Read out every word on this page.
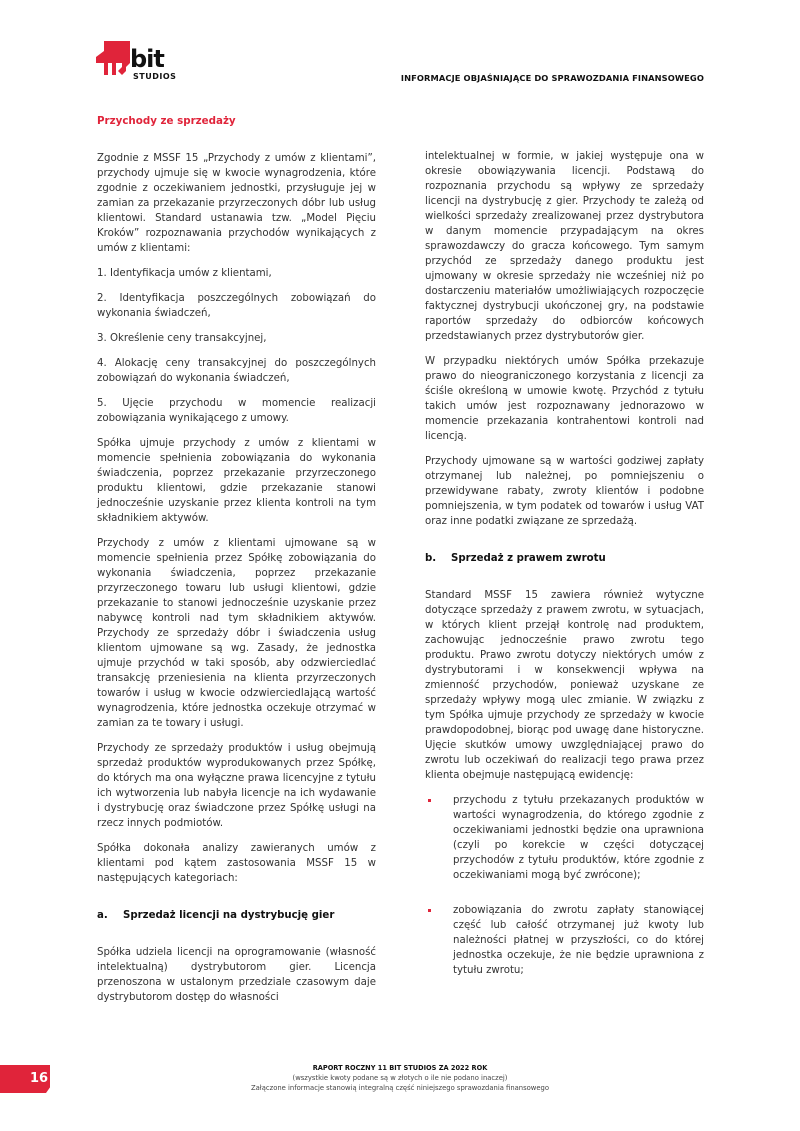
bit
STUDIOS	INFORMACJE OBJAŚNIAJĄCE DO SPRAWOZDANIA FINANSOWEGO
Przychody ze sprzedaży

Zgodnie z MSSF 15 „Przychody z umów z klientami”, przychody ujmuje się w kwocie wynagrodzenia, które zgodnie z oczekiwaniem jednostki, przysługuje jej w zamian za przekazanie przyrzeczonych dóbr lub usług klientowi. Standard ustanawia tzw. „Model Pięciu Kroków” rozpoznawania przychodów wynikających z umów z klientami:

1. Identyfikacja umów z klientami,

2. Identyfikacja poszczególnych zobowiązań do wykonania świadczeń,

3. Określenie ceny transakcyjnej,

4. Alokację ceny transakcyjnej do poszczególnych zobowiązań do wykonania świadczeń,

5. Ujęcie przychodu w momencie realizacji zobowiązania wynikającego z umowy.

Spółka ujmuje przychody z umów z klientami w momencie spełnienia zobowiązania do wykonania świadczenia, poprzez przekazanie przyrzeczonego produktu klientowi, gdzie przekazanie stanowi jednocześnie uzyskanie przez klienta kontroli na tym składnikiem aktywów.

Przychody z umów z klientami ujmowane są w momencie spełnienia przez Spółkę zobowiązania do wykonania świadczenia, poprzez przekazanie przyrzeczonego towaru lub usługi klientowi, gdzie przekazanie to stanowi jednocześnie uzyskanie przez nabywcę kontroli nad tym składnikiem aktywów. Przychody ze sprzedaży dóbr i świadczenia usług klientom ujmowane są wg. Zasady, że jednostka ujmuje przychód w taki sposób, aby odzwierciedlać transakcję przeniesienia na klienta przyrzeczonych towarów i usług w kwocie odzwierciedlającą wartość wynagrodzenia, które jednostka oczekuje otrzymać w zamian za te towary i usługi.

Przychody ze sprzedaży produktów i usług obejmują sprzedaż produktów wyprodukowanych przez Spółkę, do których ma ona wyłączne prawa licencyjne z tytułu ich wytworzenia lub nabyła licencje na ich wydawanie i dystrybucję oraz świadczone przez Spółkę usługi na rzecz innych podmiotów.

Spółka dokonała analizy zawieranych umów z klientami pod kątem zastosowania MSSF 15 w następujących kategoriach:

a. Sprzedaż licencji na dystrybucję gier

Spółka udziela licencji na oprogramowanie (własność intelektualną) dystrybutorom gier. Licencja przenoszona w ustalonym przedziale czasowym daje dystrybutorom dostęp do własności

intelektualnej w formie, w jakiej występuje ona w okresie obowiązywania licencji. Podstawą do rozpoznania przychodu są wpływy ze sprzedaży licencji na dystrybucję z gier. Przychody te zależą od wielkości sprzedaży zrealizowanej przez dystrybutora w danym momencie przypadającym na okres sprawozdawczy do gracza końcowego. Tym samym przychód ze sprzedaży danego produktu jest ujmowany w okresie sprzedaży nie wcześniej niż po dostarczeniu materiałów umożliwiających rozpoczęcie faktycznej dystrybucji ukończonej gry, na podstawie raportów sprzedaży do odbiorców końcowych przedstawianych przez dystrybutorów gier.

W przypadku niektórych umów Spółka przekazuje prawo do nieograniczonego korzystania z licencji za ściśle określoną w umowie kwotę. Przychód z tytułu takich umów jest rozpoznawany jednorazowo w momencie przekazania kontrahentowi kontroli nad licencją.

Przychody ujmowane są w wartości godziwej zapłaty otrzymanej lub należnej, po pomniejszeniu o przewidywane rabaty, zwroty klientów i podobne pomniejszenia, w tym podatek od towarów i usług VAT oraz inne podatki związane ze sprzedażą.

b. Sprzedaż z prawem zwrotu

Standard MSSF 15 zawiera również wytyczne dotyczące sprzedaży z prawem zwrotu, w sytuacjach, w których klient przejął kontrolę nad produktem, zachowując jednocześnie prawo zwrotu tego produktu. Prawo zwrotu dotyczy niektórych umów z dystrybutorami i w konsekwencji wpływa na zmienność przychodów, ponieważ uzyskane ze sprzedaży wpływy mogą ulec zmianie. W związku z tym Spółka ujmuje przychody ze sprzedaży w kwocie prawdopodobnej, biorąc pod uwagę dane historyczne. Ujęcie skutków umowy uwzględniającej prawo do zwrotu lub oczekiwań do realizacji tego prawa przez klienta obejmuje następującą ewidencję:

przychodu z tytułu przekazanych produktów w wartości wynagrodzenia, do którego zgodnie z oczekiwaniami jednostki będzie ona uprawniona (czyli po korekcie w części dotyczącej przychodów z tytułu produktów, które zgodnie z oczekiwaniami mogą być zwrócone);
zobowiązania do zwrotu zapłaty stanowiącej część lub całość otrzymanej już kwoty lub należności płatnej w przyszłości, co do której jednostka oczekuje, że nie będzie uprawniona z tytułu zwrotu;
16
RAPORT ROCZNY 11 BIT STUDIOS ZA 2022 ROK
(wszystkie kwoty podane są w złotych o ile nie podano inaczej)
Załączone informacje stanowią integralną część niniejszego sprawozdania finansowego
